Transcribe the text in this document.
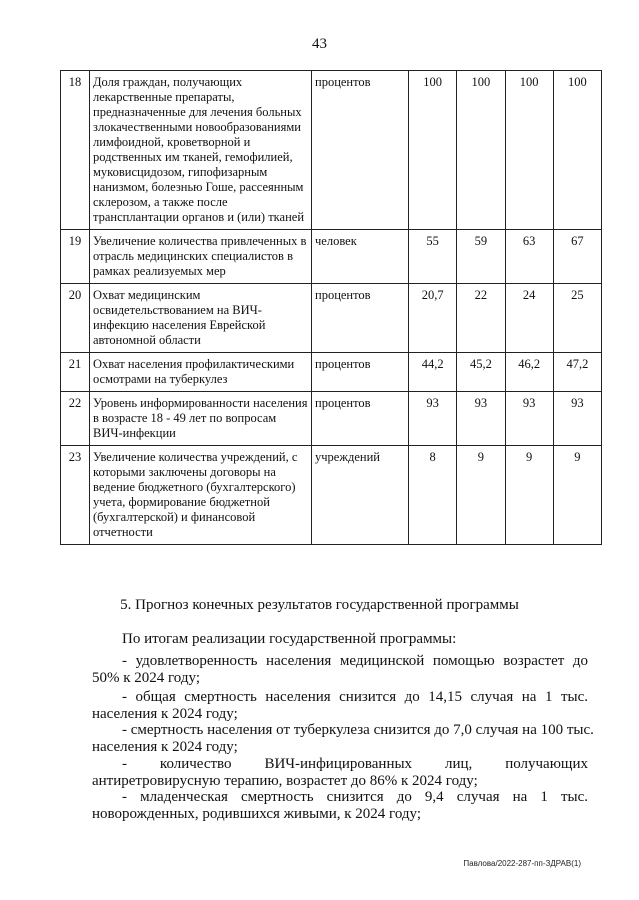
43
18	Доля граждан, получающих лекарственные препараты, предназначенные для лечения больных злокачественными новообразованиями лимфоидной, кроветворной и родственных им тканей, гемофилией, муковисцидозом, гипофизарным нанизмом, болезнью Гоше, рассеянным склерозом, а также после трансплантации органов и (или) тканей	процентов	100	100	100	100
19	Увеличение количества привлеченных в отрасль медицинских специалистов в рамках реализуемых мер	человек	55	59	63	67
20	Охват медицинским освидетельствованием на ВИЧ-инфекцию населения Еврейской автономной области	процентов	20,7	22	24	25
21	Охват населения профилактическими осмотрами на туберкулез	процентов	44,2	45,2	46,2	47,2
22	Уровень информированности населения в возрасте 18 - 49 лет по вопросам ВИЧ-инфекции	процентов	93	93	93	93
23	Увеличение количества учреждений, с которыми заключены договоры на ведение бюджетного (бухгалтерского) учета, формирование бюджетной (бухгалтерской) и финансовой отчетности	учреждений	8	9	9	9
5. Прогноз конечных результатов государственной программы
По итогам реализации государственной программы:
- удовлетворенность населения медицинской помощью возрастет до
50% к 2024 году;
- общая смертность населения снизится до 14,15 случая на 1 тыс.
населения к 2024 году;
- смертность населения от туберкулеза снизится до 7,0 случая на 100 тыс.
населения к 2024 году;
- количество ВИЧ-инфицированных лиц, получающих
антиретровирусную терапию, возрастет до 86% к 2024 году;
- младенческая смертность снизится до 9,4 случая на 1 тыс.
новорожденных, родившихся живыми, к 2024 году;
Павлова/2022-287-пп-ЗДРАВ(1)
